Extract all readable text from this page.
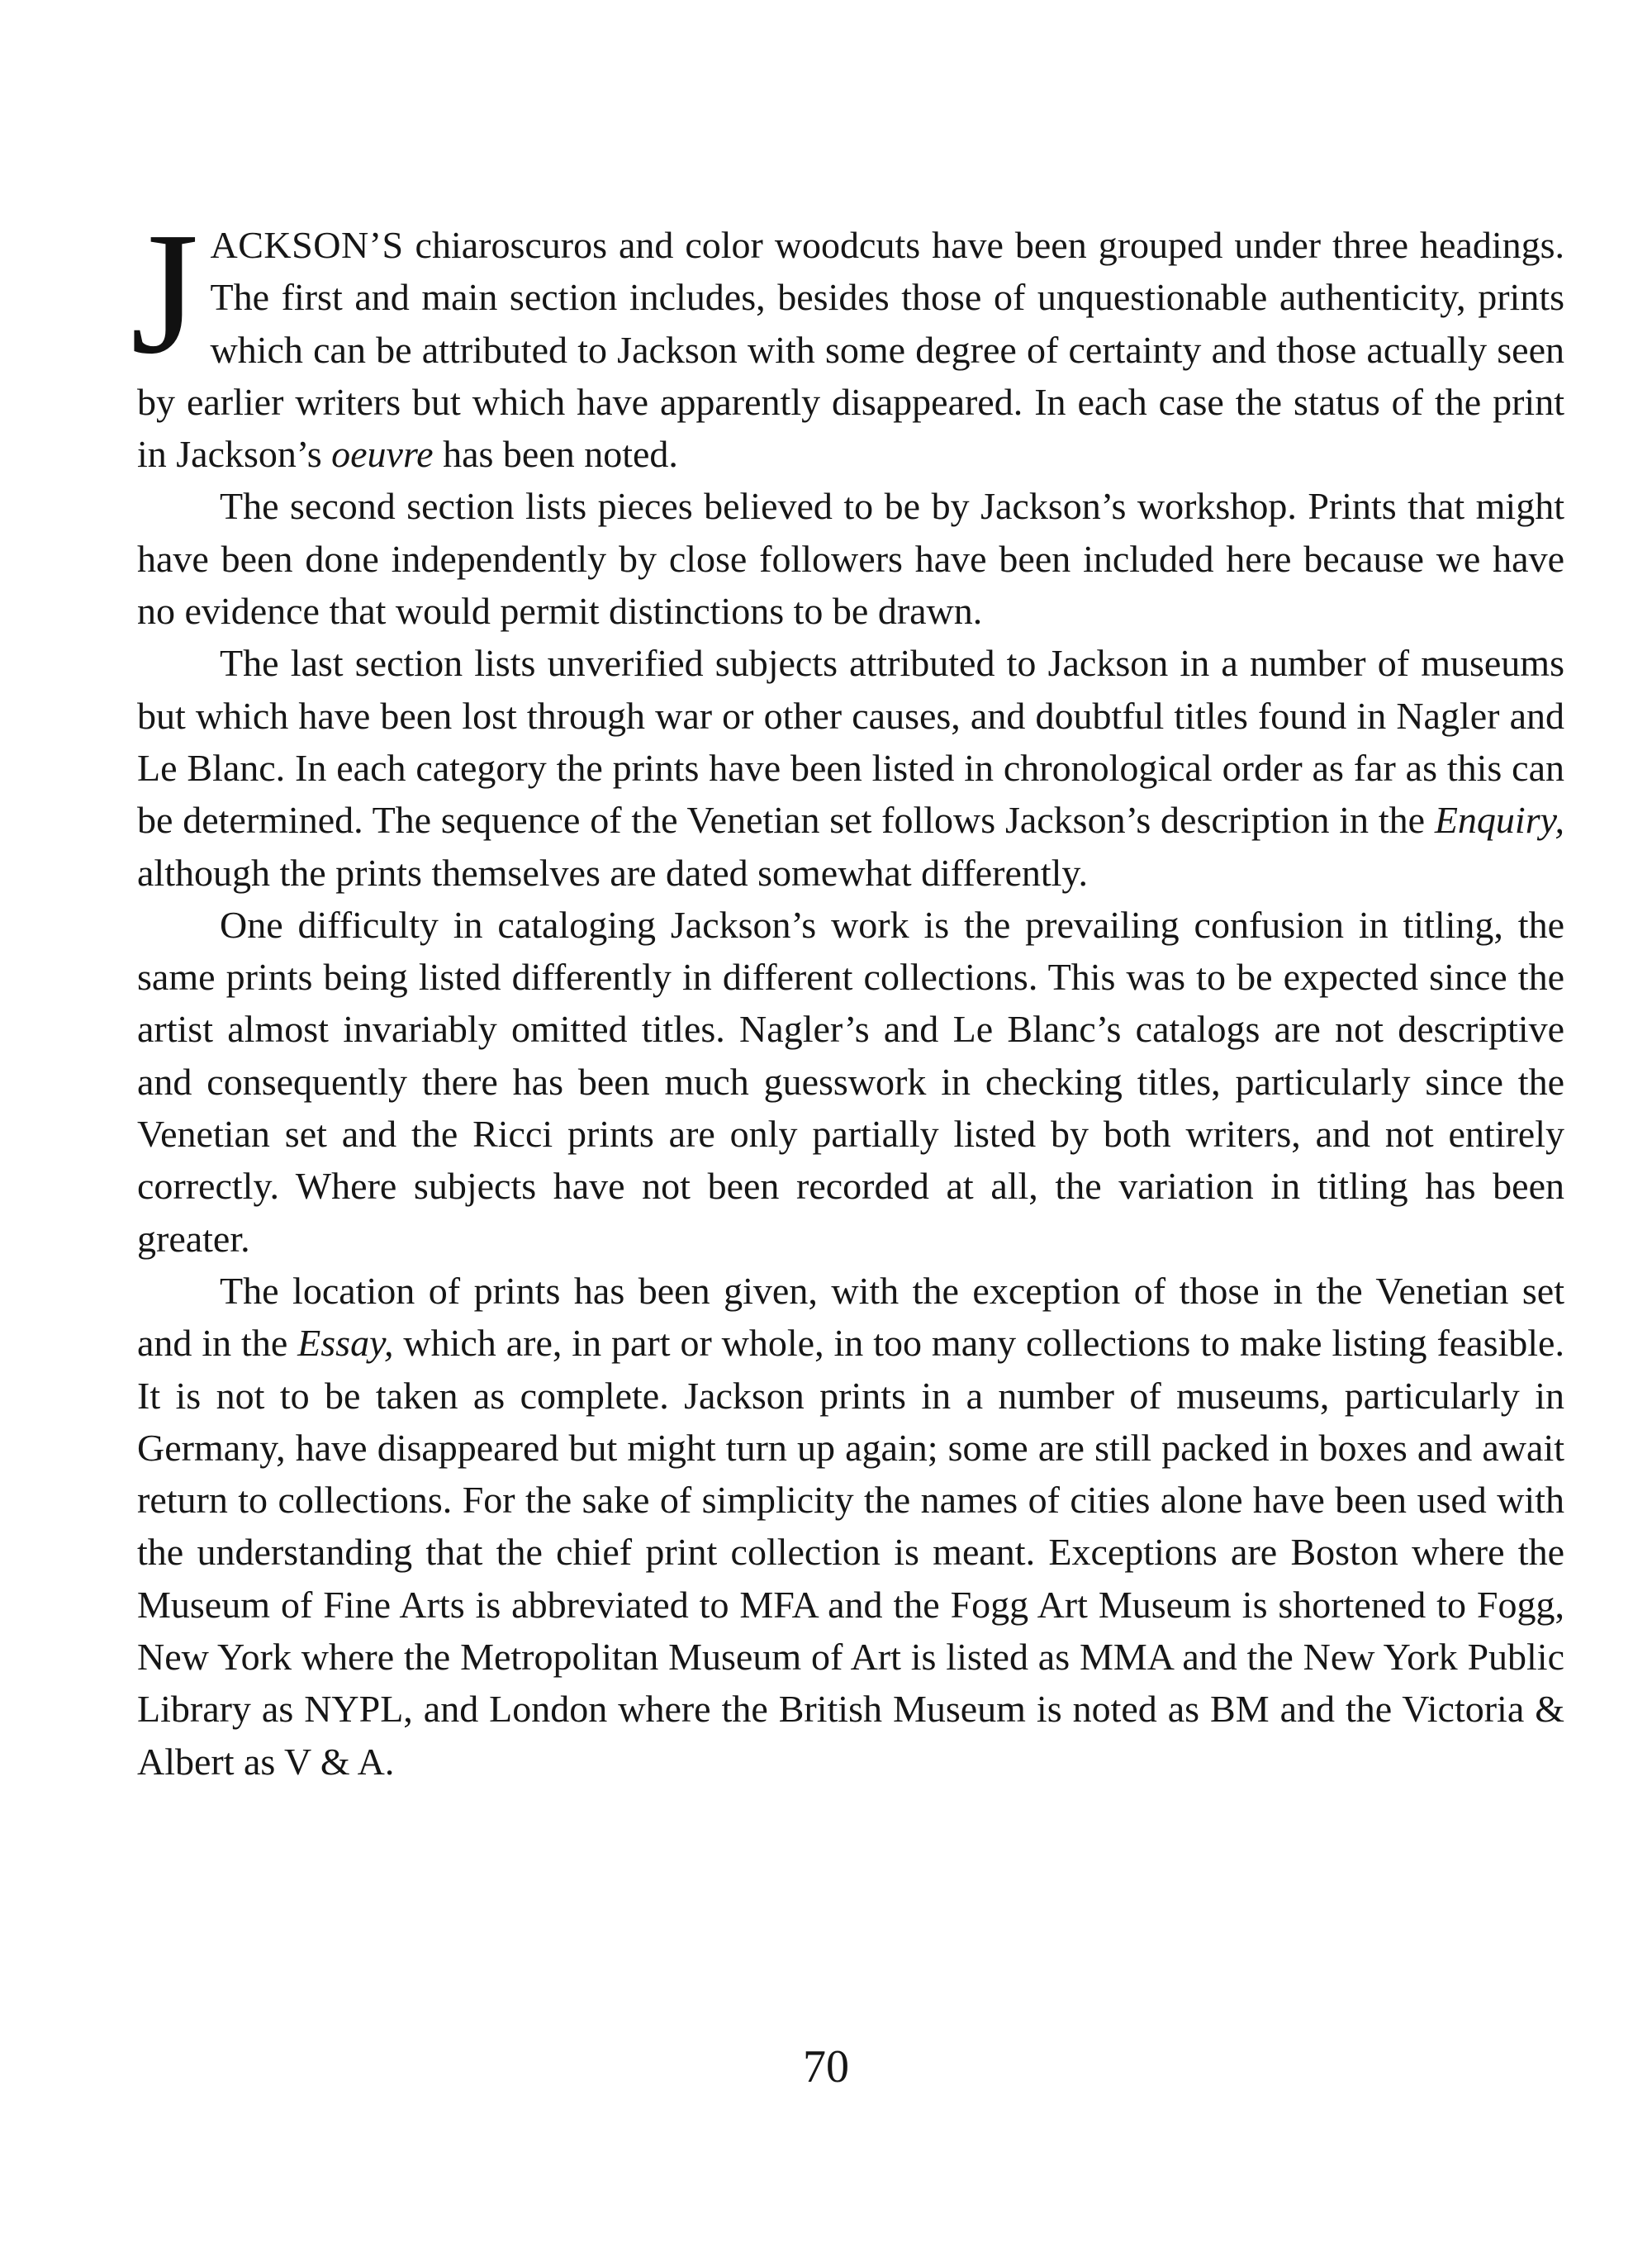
JACKSON’S chiaroscuros and color woodcuts have been grouped under three headings. The first and main section includes, besides those of unquestionable authenticity, prints which can be attributed to Jackson with some degree of certainty and those actually seen by earlier writers but which have apparently disappeared. In each case the status of the print in Jackson’s oeuvre has been noted.

The second section lists pieces believed to be by Jackson’s workshop. Prints that might have been done independently by close followers have been included here because we have no evidence that would permit distinctions to be drawn.

The last section lists unverified subjects attributed to Jackson in a number of museums but which have been lost through war or other causes, and doubtful titles found in Nagler and Le Blanc. In each category the prints have been listed in chronological order as far as this can be determined. The sequence of the Venetian set follows Jackson’s description in the Enquiry, although the prints themselves are dated somewhat differently.

One difficulty in cataloging Jackson’s work is the prevailing confusion in titling, the same prints being listed differently in different collections. This was to be expected since the artist almost invariably omitted titles. Nagler’s and Le Blanc’s catalogs are not descriptive and consequently there has been much guesswork in checking titles, particularly since the Venetian set and the Ricci prints are only partially listed by both writers, and not entirely correctly. Where subjects have not been recorded at all, the variation in titling has been greater.

The location of prints has been given, with the exception of those in the Venetian set and in the Essay, which are, in part or whole, in too many collections to make listing feasible. It is not to be taken as complete. Jackson prints in a number of museums, particularly in Germany, have disappeared but might turn up again; some are still packed in boxes and await return to collections. For the sake of simplicity the names of cities alone have been used with the understanding that the chief print collection is meant. Exceptions are Boston where the Museum of Fine Arts is abbreviated to MFA and the Fogg Art Museum is shortened to Fogg, New York where the Metropolitan Museum of Art is listed as MMA and the New York Public Library as NYPL, and London where the British Museum is noted as BM and the Victoria & Albert as V & A.

70
